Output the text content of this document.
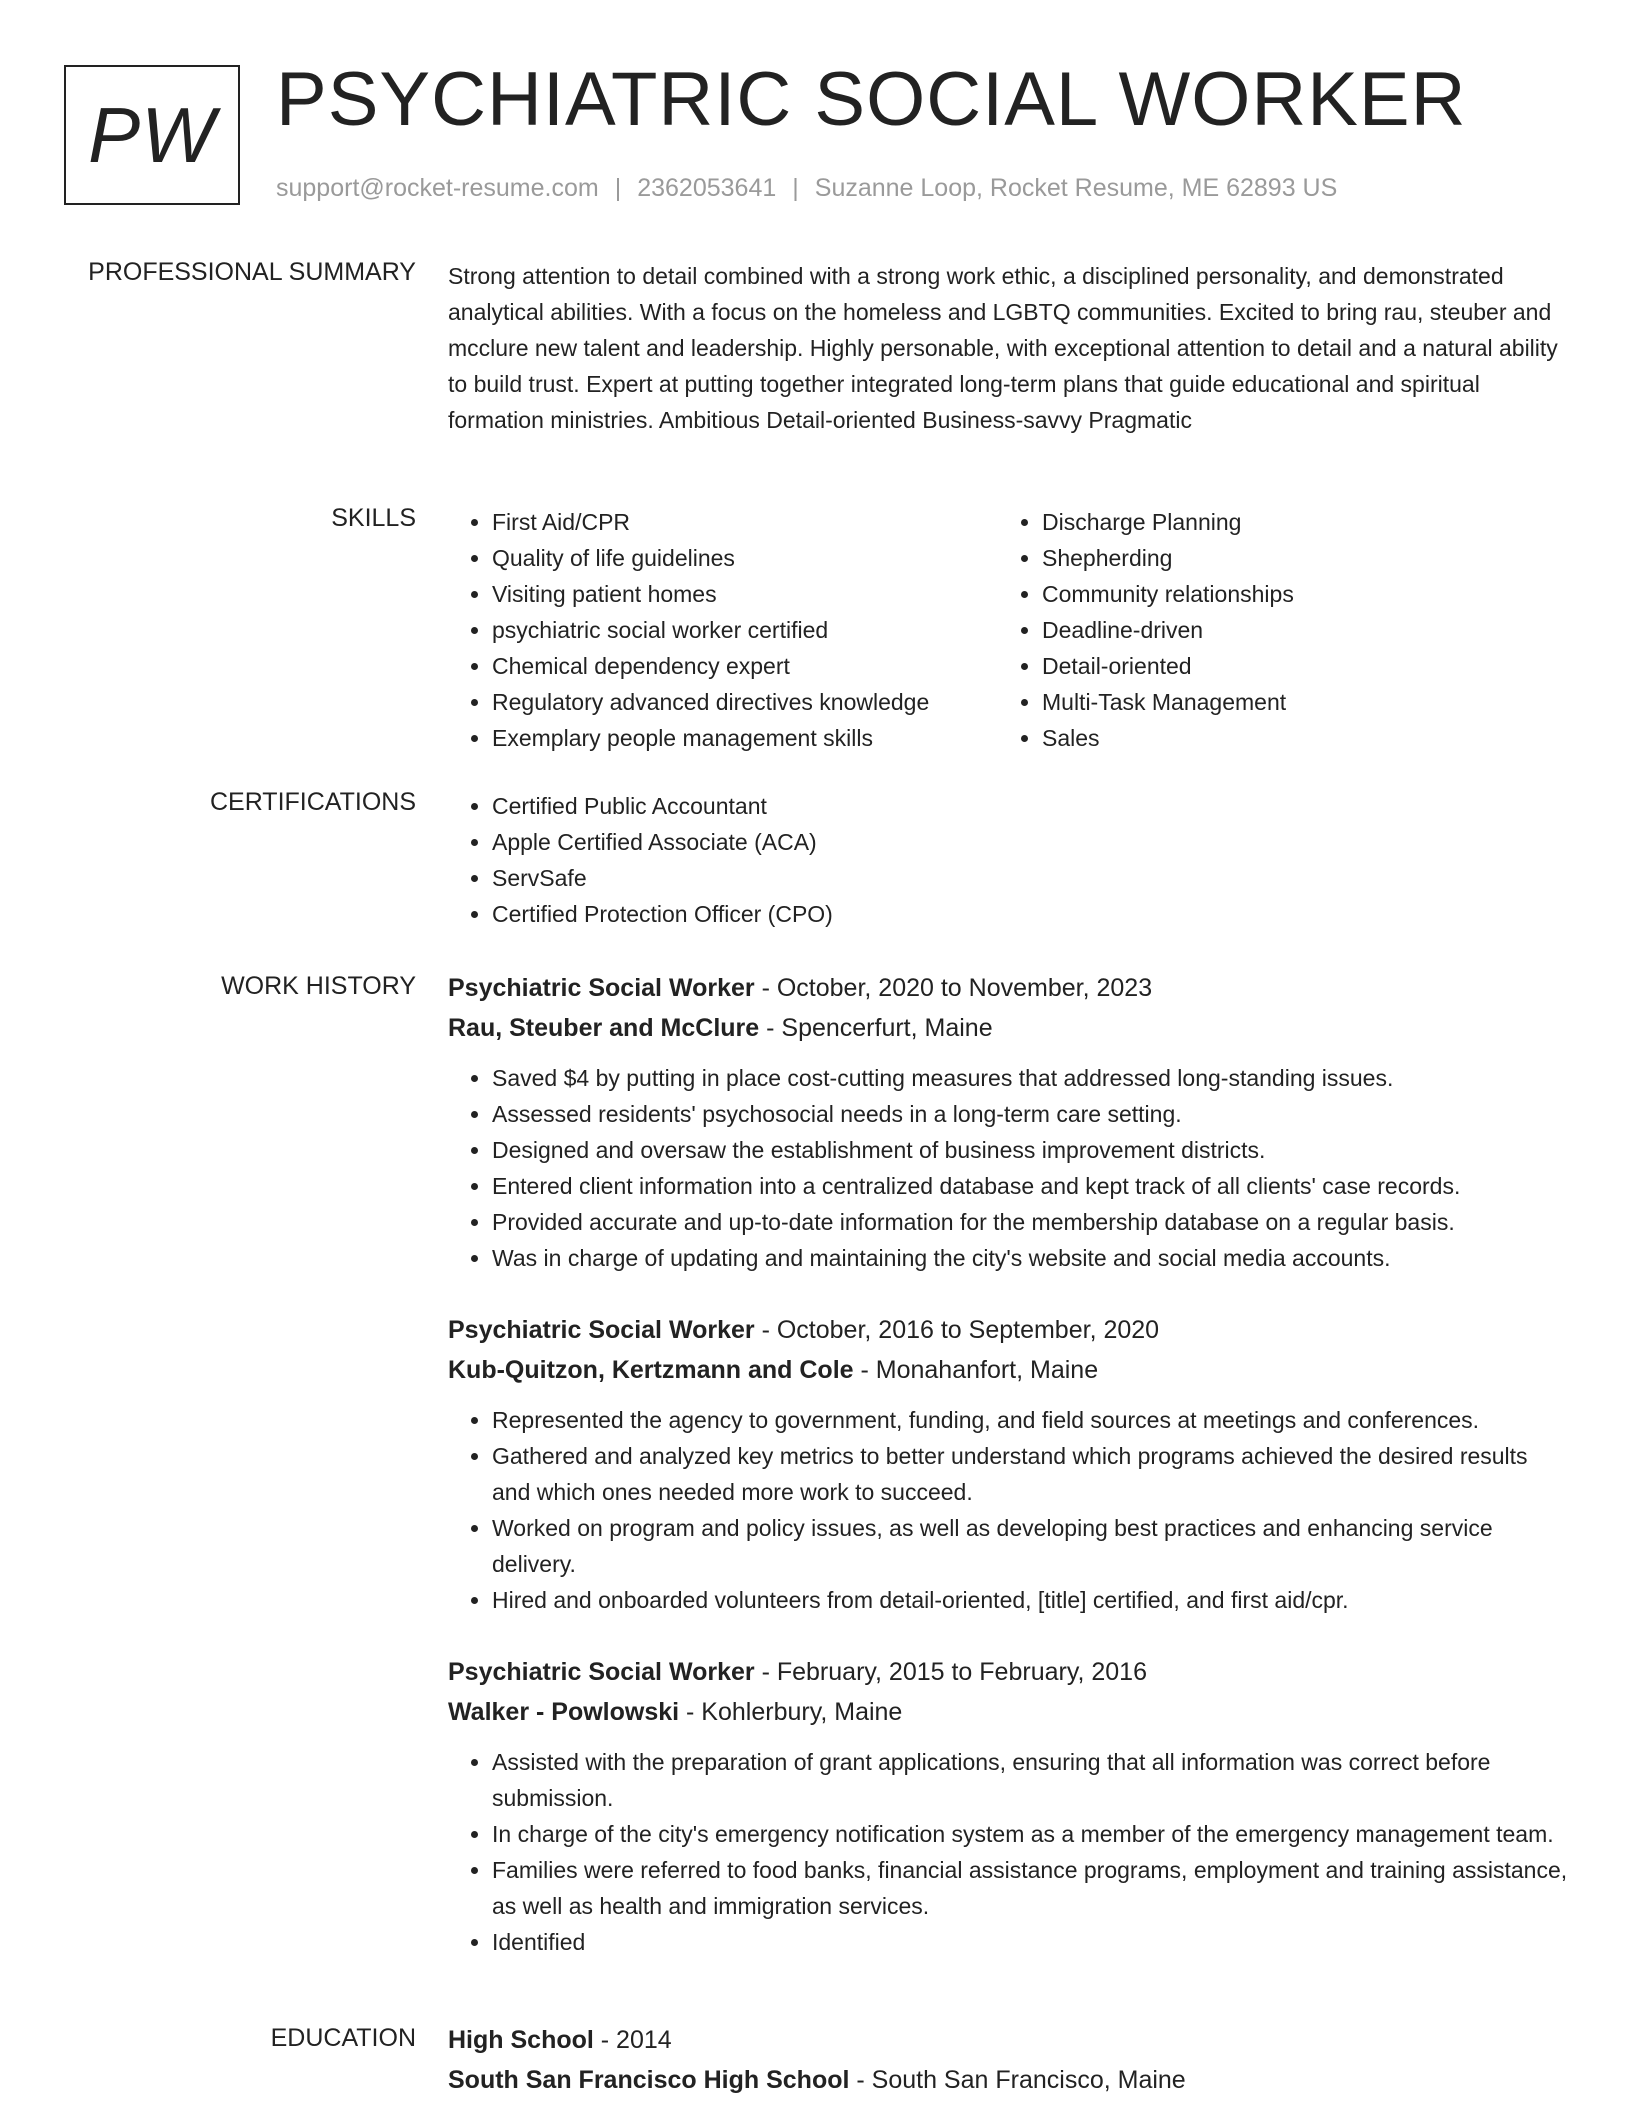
PW PSYCHIATRIC SOCIAL WORKER
support@rocket-resume.com | 2362053641 | Suzanne Loop, Rocket Resume, ME 62893 US
PROFESSIONAL SUMMARY Strong attention to detail combined with a strong work ethic, a disciplined personality, and demonstrated analytical abilities. With a focus on the homeless and LGBTQ communities. Excited to bring rau, steuber and mcclure new talent and leadership. Highly personable, with exceptional attention to detail and a natural ability to build trust. Expert at putting together integrated long-term plans that guide educational and spiritual formation ministries. Ambitious Detail-oriented Business-savvy Pragmatic
SKILLS	• First Aid/CPR
• Quality of life guidelines
• Visiting patient homes
• psychiatric social worker certified
• Chemical dependency expert
• Regulatory advanced directives knowledge
• Exemplary people management skills
• Discharge Planning
• Shepherding
• Community relationships
• Deadline-driven
• Detail-oriented
• Multi-Task Management
• Sales
CERTIFICATIONS	• Certified Public Accountant
• Apple Certified Associate (ACA)
• ServSafe
• Certified Protection Officer (CPO)
WORK HISTORY Psychiatric Social Worker - October, 2020 to November, 2023
Rau, Steuber and McClure - Spencerfurt, Maine
• Saved $4 by putting in place cost-cutting measures that addressed long-standing issues.
• Assessed residents' psychosocial needs in a long-term care setting.
• Designed and oversaw the establishment of business improvement districts.
• Entered client information into a centralized database and kept track of all clients' case records.
• Provided accurate and up-to-date information for the membership database on a regular basis.
• Was in charge of updating and maintaining the city's website and social media accounts.
Psychiatric Social Worker - October, 2016 to September, 2020
Kub-Quitzon, Kertzmann and Cole - Monahanfort, Maine
• Represented the agency to government, funding, and field sources at meetings and conferences.
• Gathered and analyzed key metrics to better understand which programs achieved the desired results and which ones needed more work to succeed.
• Worked on program and policy issues, as well as developing best practices and enhancing service delivery.
• Hired and onboarded volunteers from detail-oriented, [title] certified, and first aid/cpr.
Psychiatric Social Worker - February, 2015 to February, 2016
Walker - Powlowski - Kohlerbury, Maine
• Assisted with the preparation of grant applications, ensuring that all information was correct before submission.
• In charge of the city's emergency notification system as a member of the emergency management team.
• Families were referred to food banks, financial assistance programs, employment and training assistance, as well as health and immigration services.
• Identified
EDUCATION High School - 2014
South San Francisco High School - South San Francisco, Maine
